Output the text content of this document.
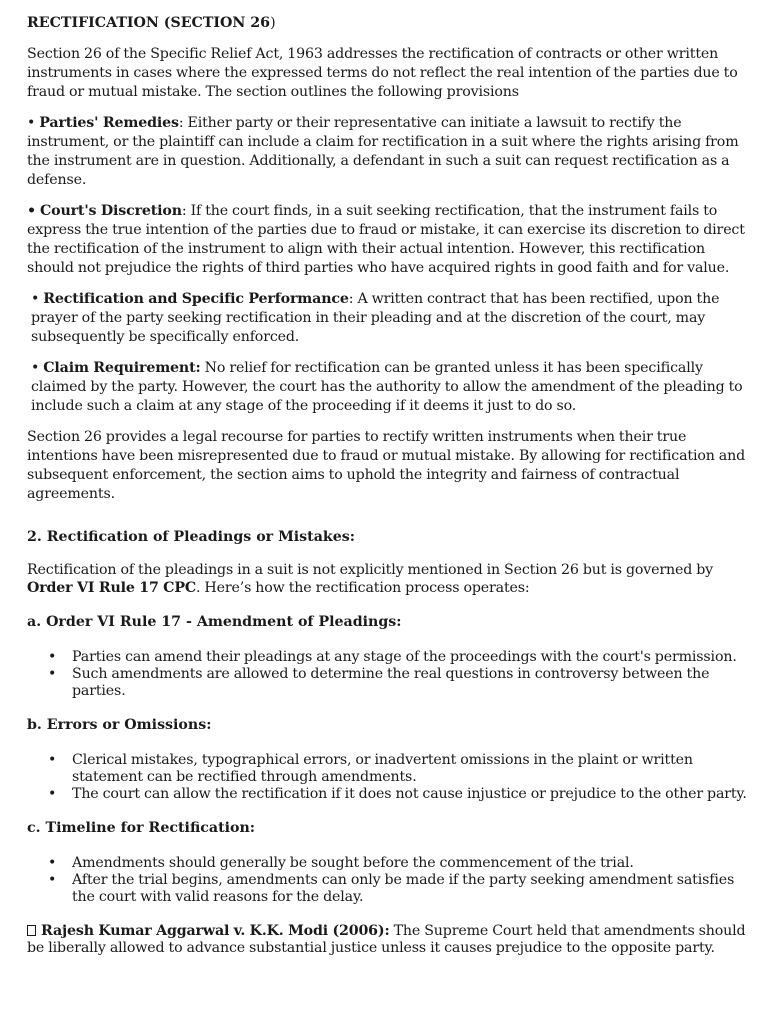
RECTIFICATION (SECTION 26)

Section 26 of the Specific Relief Act, 1963 addresses the rectification of contracts or other written instruments in cases where the expressed terms do not reflect the real intention of the parties due to fraud or mutual mistake. The section outlines the following provisions

• Parties' Remedies: Either party or their representative can initiate a lawsuit to rectify the instrument, or the plaintiff can include a claim for rectification in a suit where the rights arising from the instrument are in question. Additionally, a defendant in such a suit can request rectification as a defense.

• Court's Discretion: If the court finds, in a suit seeking rectification, that the instrument fails to express the true intention of the parties due to fraud or mistake, it can exercise its discretion to direct the rectification of the instrument to align with their actual intention. However, this rectification should not prejudice the rights of third parties who have acquired rights in good faith and for value.

• Rectification and Specific Performance: A written contract that has been rectified, upon the prayer of the party seeking rectification in their pleading and at the discretion of the court, may subsequently be specifically enforced.

• Claim Requirement: No relief for rectification can be granted unless it has been specifically claimed by the party. However, the court has the authority to allow the amendment of the pleading to include such a claim at any stage of the proceeding if it deems it just to do so.

Section 26 provides a legal recourse for parties to rectify written instruments when their true intentions have been misrepresented due to fraud or mutual mistake. By allowing for rectification and subsequent enforcement, the section aims to uphold the integrity and fairness of contractual agreements.

2. Rectification of Pleadings or Mistakes:

Rectification of the pleadings in a suit is not explicitly mentioned in Section 26 but is governed by Order VI Rule 17 CPC. Here’s how the rectification process operates:

a. Order VI Rule 17 - Amendment of Pleadings:
• Parties can amend their pleadings at any stage of the proceedings with the court's permission.
• Such amendments are allowed to determine the real questions in controversy between the parties.
b. Errors or Omissions:
• Clerical mistakes, typographical errors, or inadvertent omissions in the plaint or written statement can be rectified through amendments.
• The court can allow the rectification if it does not cause injustice or prejudice to the other party.
c. Timeline for Rectification:
• Amendments should generally be sought before the commencement of the trial.
• After the trial begins, amendments can only be made if the party seeking amendment satisfies the court with valid reasons for the delay.
Rajesh Kumar Aggarwal v. K.K. Modi (2006): The Supreme Court held that amendments should be liberally allowed to advance substantial justice unless it causes prejudice to the opposite party.
